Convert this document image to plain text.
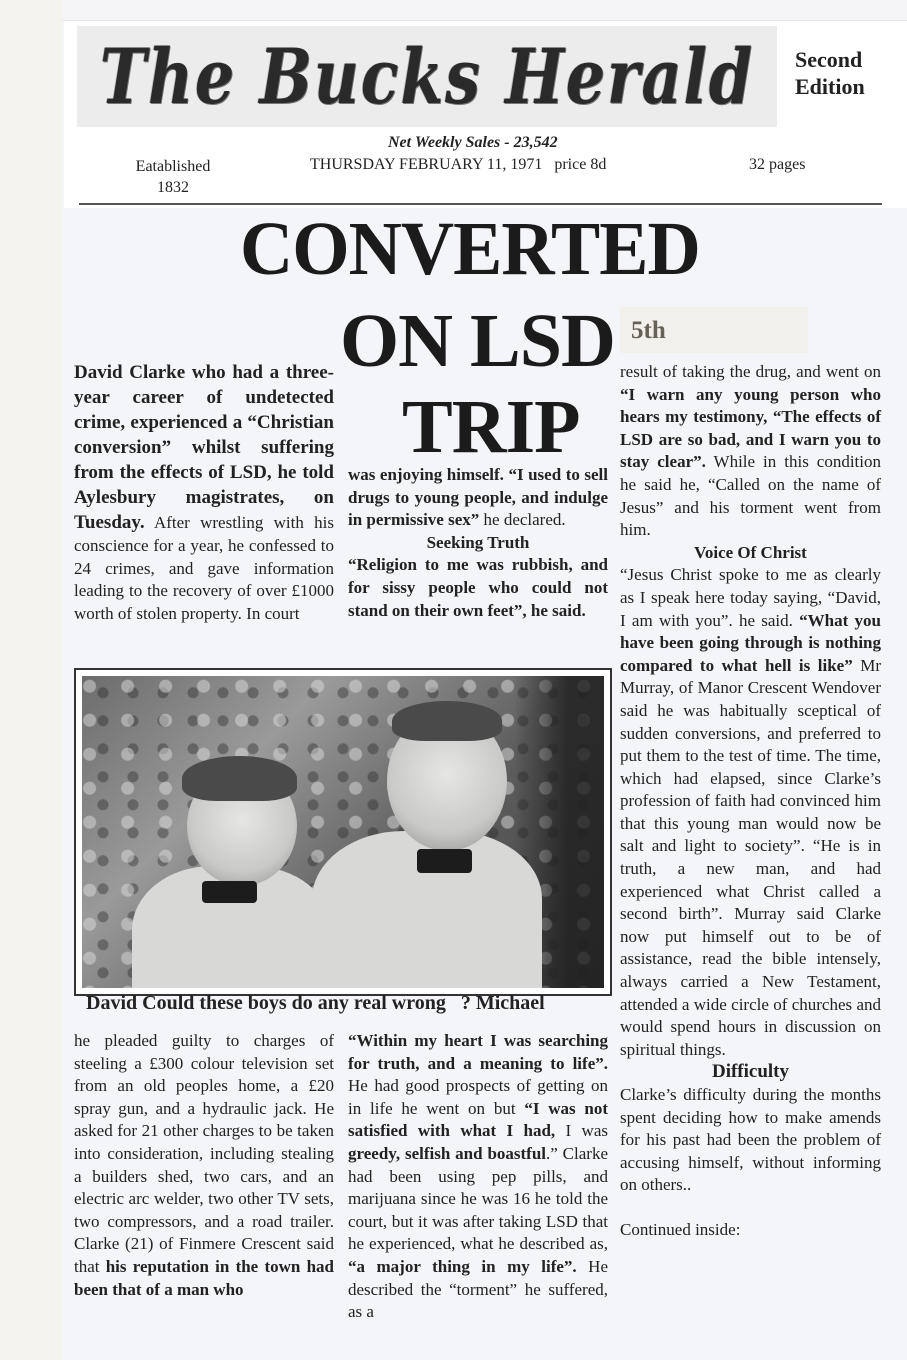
The Bucks Herald Second
Edition
Net Weekly Sales - 23,542
THURSDAY FEBRUARY 11, 1971   price 8d
Eatablished
1832
32 pages
CONVERTED
ON LSD
TRIP
5th

David Clarke who had a three-year career of undetected crime, experienced a “Christian conversion” whilst suffering from the effects of LSD, he told Aylesbury magistrates, on Tuesday. After wrestling with his conscience for a year, he confessed to 24 crimes, and gave information leading to the recovery of over £1000 worth of stolen property. In court

was enjoying himself. “I used to sell drugs to young people, and indulge in permissive sex” he declared.

Seeking Truth

“Religion to me was rubbish, and for sissy people who could not stand on their own feet”, he said.

result of taking the drug, and went on “I warn any young person who hears my testimony, “The effects of LSD are so bad, and I warn you to stay clear”. While in this condition he said he, “Called on the name of Jesus” and his torment went from him.

Voice Of Christ

“Jesus Christ spoke to me as clearly as I speak here today saying, “David, I am with you”. he said. “What you have been going through is nothing compared to what hell is like” Mr Murray, of Manor Crescent Wendover said he was habitually sceptical of sudden conversions, and preferred to put them to the test of time. The time, which had elapsed, since Clarke’s profession of faith had convinced him that this young man would now be salt and light to society”. “He is in truth, a new man, and had experienced what Christ called a second birth”. Murray said Clarke now put himself out to be of assistance, read the bible intensely, always carried a New Testament, attended a wide circle of churches and would spend hours in discussion on spiritual things.

Difficulty

Clarke’s difficulty during the months spent deciding how to make amends for his past had been the problem of accusing himself, without informing on others..

Continued inside:

David Could these boys do any real wrong   ? Michael

he pleaded guilty to charges of steeling a £300 colour television set from an old peoples home, a £20 spray gun, and a hydraulic jack. He asked for 21 other charges to be taken into consideration, including stealing a builders shed, two cars, and an electric arc welder, two other TV sets, two compressors, and a road trailer. Clarke (21) of Finmere Crescent said that his reputation in the town had been that of a man who

“Within my heart I was searching for truth, and a meaning to life”. He had good prospects of getting on in life he went on but “I was not satisfied with what I had, I was greedy, selfish and boastful.” Clarke had been using pep pills, and marijuana since he was 16 he told the court, but it was after taking LSD that he experienced, what he described as, “a major thing in my life”. He described the “torment” he suffered, as a
